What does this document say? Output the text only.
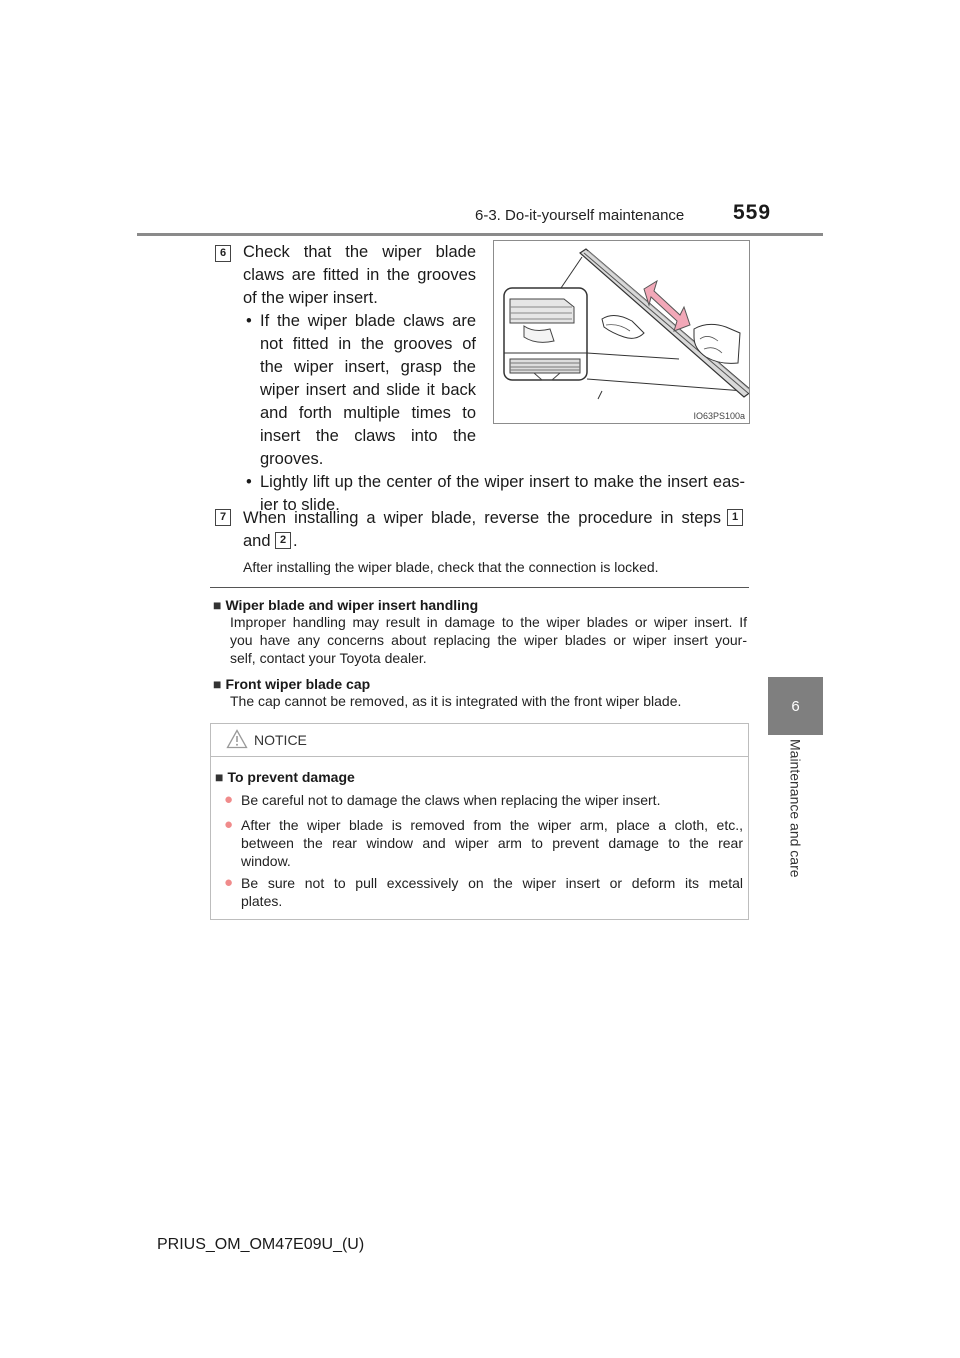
6-3. Do-it-yourself maintenance 559
6
Maintenance and care
6 Check that the wiper blade
claws are fitted in the grooves
of the wiper insert.
• If the wiper blade claws are
not fitted in the grooves of
the wiper insert, grasp the
wiper insert and slide it back
and forth multiple times to
insert the claws into the
grooves.
• Lightly lift up the center of the wiper insert to make the insert eas-
ier to slide.
IO63PS100a
7 When installing a wiper blade, reverse the procedure in steps 1
and 2 .
After installing the wiper blade, check that the connection is locked.
■ Wiper blade and wiper insert handling
Improper handling may result in damage to the wiper blades or wiper insert. If
you have any concerns about replacing the wiper blades or wiper insert your-
self, contact your Toyota dealer.
■ Front wiper blade cap
The cap cannot be removed, as it is integrated with the front wiper blade.
NOTICE
■ To prevent damage
● Be careful not to damage the claws when replacing the wiper insert.
● After the wiper blade is removed from the wiper arm, place a cloth, etc.,
between the rear window and wiper arm to prevent damage to the rear
window.
● Be sure not to pull excessively on the wiper insert or deform its metal
plates.
PRIUS_OM_OM47E09U_(U)
